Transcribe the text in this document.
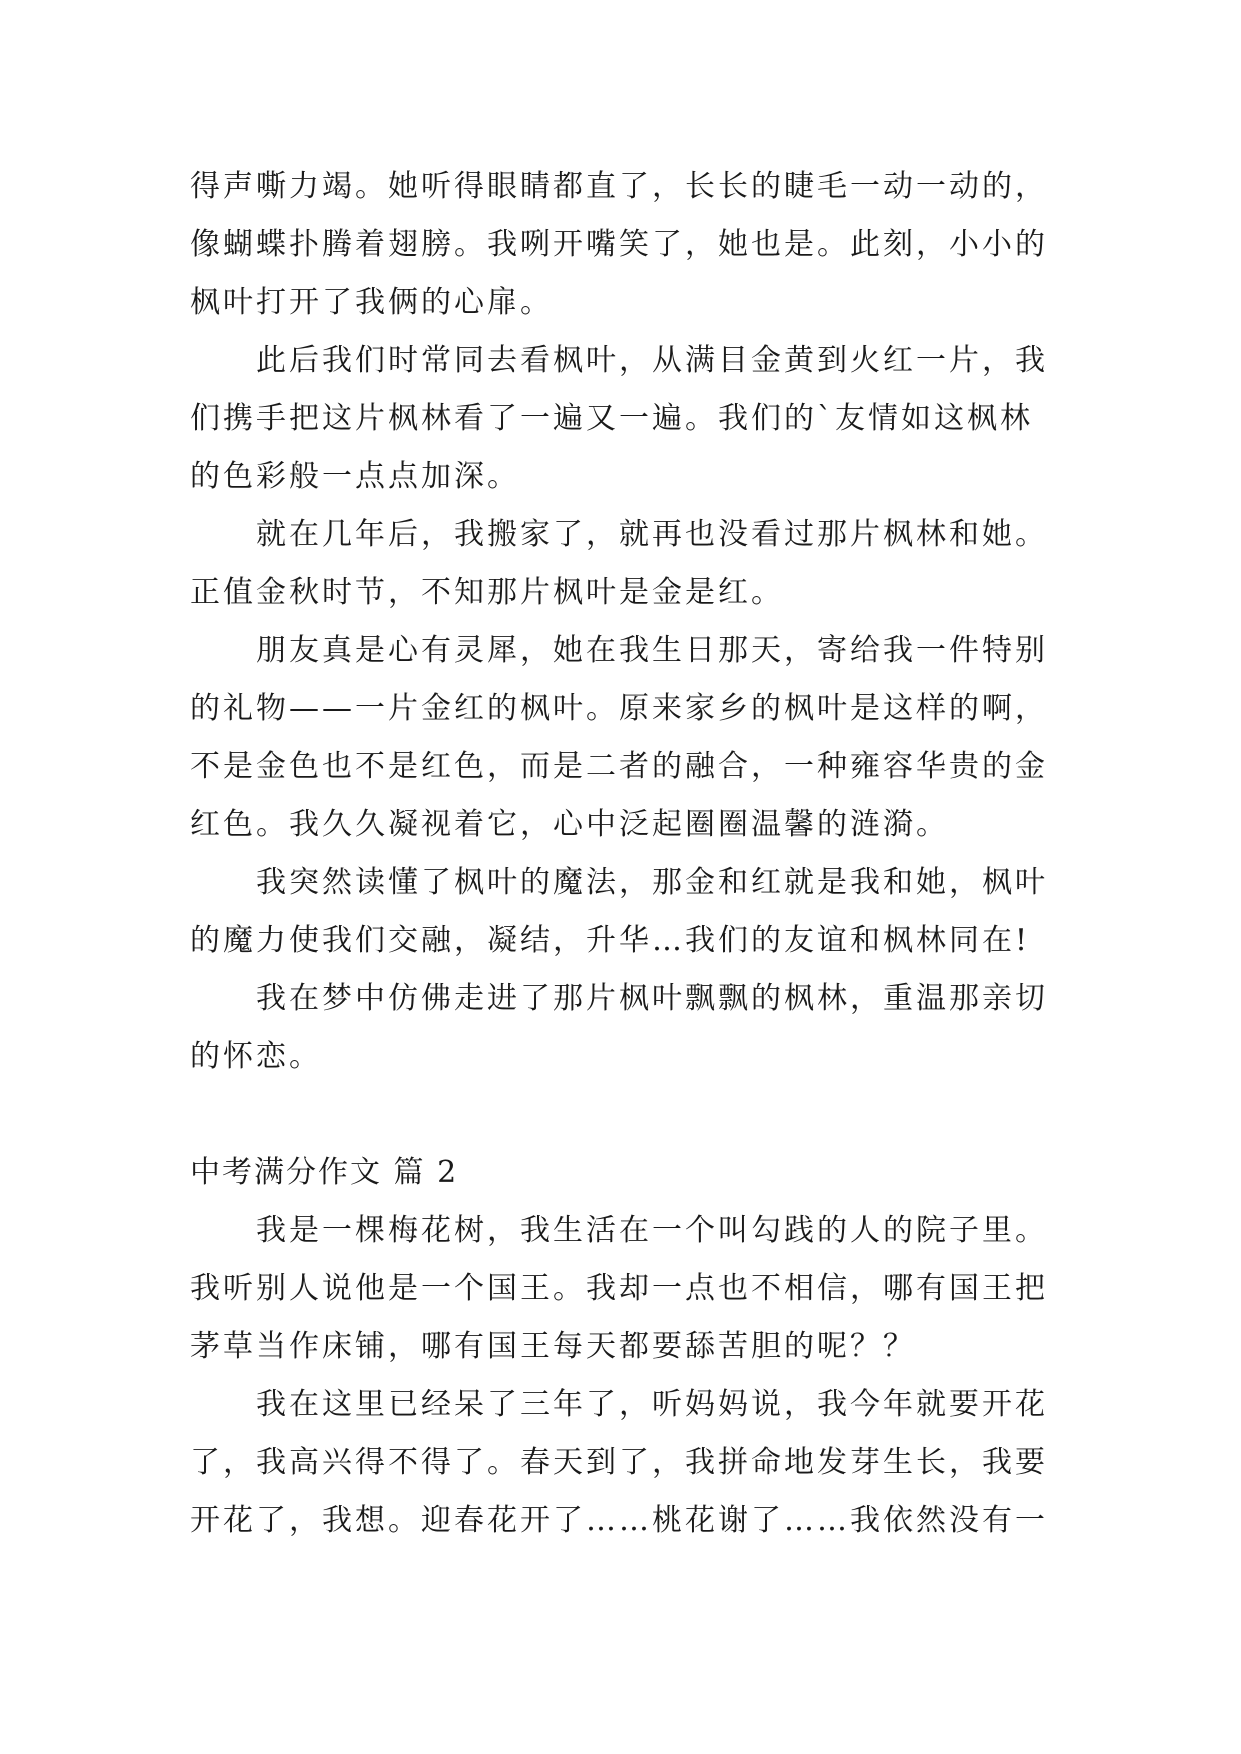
得声嘶力竭。她听得眼睛都直了，长长的睫毛一动一动的，
像蝴蝶扑腾着翅膀。我咧开嘴笑了，她也是。此刻，小小的
枫叶打开了我俩的心扉。
此后我们时常同去看枫叶，从满目金黄到火红一片，我
们携手把这片枫林看了一遍又一遍。我们的`友情如这枫林
的色彩般一点点加深。
就在几年后，我搬家了，就再也没看过那片枫林和她。
正值金秋时节，不知那片枫叶是金是红。
朋友真是心有灵犀，她在我生日那天，寄给我一件特别
的礼物——一片金红的枫叶。原来家乡的枫叶是这样的啊，
不是金色也不是红色，而是二者的融合，一种雍容华贵的金
红色。我久久凝视着它，心中泛起圈圈温馨的涟漪。
我突然读懂了枫叶的魔法，那金和红就是我和她，枫叶
的魔力使我们交融，凝结，升华…我们的友谊和枫林同在!
我在梦中仿佛走进了那片枫叶飘飘的枫林，重温那亲切
的怀恋。
中考满分作文 篇 2
我是一棵梅花树，我生活在一个叫勾践的人的院子里。
我听别人说他是一个国王。我却一点也不相信，哪有国王把
茅草当作床铺，哪有国王每天都要舔苦胆的呢？？
我在这里已经呆了三年了，听妈妈说，我今年就要开花
了，我高兴得不得了。春天到了，我拼命地发芽生长，我要
开花了，我想。迎春花开了……桃花谢了……我依然没有一
